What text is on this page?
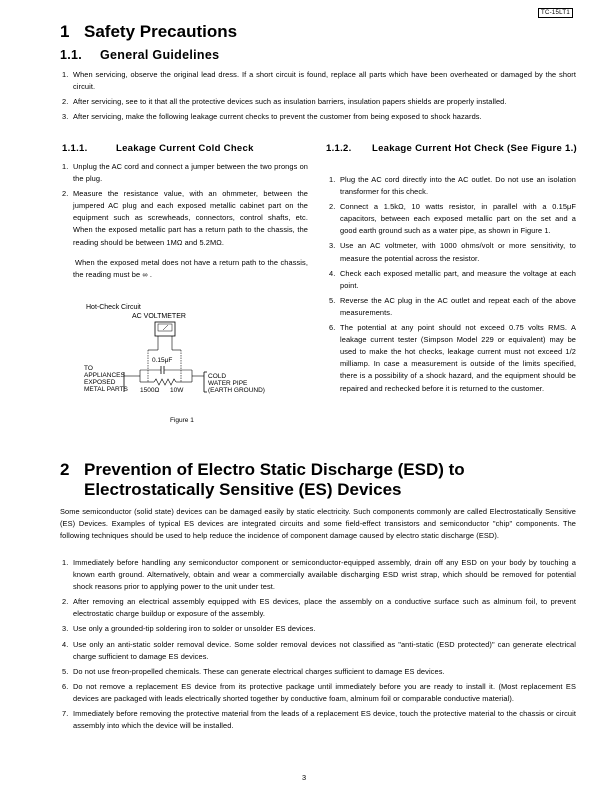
TC-15LT1
1 Safety Precautions
1.1. General Guidelines
1. When servicing, observe the original lead dress. If a short circuit is found, replace all parts which have been overheated or damaged by the short circuit.
2. After servicing, see to it that all the protective devices such as insulation barriers, insulation papers shields are properly installed.
3. After servicing, make the following leakage current checks to prevent the customer from being exposed to shock hazards.
1.1.1.	Leakage Current Cold Check
1. Unplug the AC cord and connect a jumper between the two prongs on the plug.
2. Measure the resistance value, with an ohmmeter, between the jumpered AC plug and each exposed metallic cabinet part on the equipment such as screwheads, connectors, control shafts, etc. When the exposed metallic part has a return path to the chassis, the reading should be between 1MΩ and 5.2MΩ.
When the exposed metal does not have a return path to the chassis, the reading must be ∞ .
Hot-Check Circuit
AC VOLTMETER
0.15μF
TO
APPLIANCES
EXPOSED
METAL PARTS 1500Ω 10W
COLD
WATER PIPE
(EARTH GROUND)
Figure 1
1.1.2. Leakage Current Hot Check (See Figure 1.)
1. Plug the AC cord directly into the AC outlet. Do not use an isolation transformer for this check.
2. Connect a 1.5kΩ, 10 watts resistor, in parallel with a 0.15μF capacitors, between each exposed metallic part on the set and a good earth ground such as a water pipe, as shown in Figure 1.
3. Use an AC voltmeter, with 1000 ohms/volt or more sensitivity, to measure the potential across the resistor.
4. Check each exposed metallic part, and measure the voltage at each point.
5. Reverse the AC plug in the AC outlet and repeat each of the above measurements.
6. The potential at any point should not exceed 0.75 volts RMS. A leakage current tester (Simpson Model 229 or equivalent) may be used to make the hot checks, leakage current must not exceed 1/2 milliamp. In case a measurement is outside of the limits specified, there is a possibility of a shock hazard, and the equipment should be repaired and rechecked before it is returned to the customer.
2 Prevention of Electro Static Discharge (ESD) to
Electrostatically Sensitive (ES) Devices
Some semiconductor (solid state) devices can be damaged easily by static electricity. Such components commonly are called Electrostatically Sensitive (ES) Devices. Examples of typical ES devices are integrated circuits and some field-effect transistors and semiconductor "chip" components. The following techniques should be used to help reduce the incidence of component damage caused by electro static discharge (ESD).
1. Immediately before handling any semiconductor component or semiconductor-equipped assembly, drain off any ESD on your body by touching a known earth ground. Alternatively, obtain and wear a commercially available discharging ESD wrist strap, which should be removed for potential shock reasons prior to applying power to the unit under test.
2. After removing an electrical assembly equipped with ES devices, place the assembly on a conductive surface such as alminum foil, to prevent electrostatic charge buildup or exposure of the assembly.
3. Use only a grounded-tip soldering iron to solder or unsolder ES devices.
4. Use only an anti-static solder removal device. Some solder removal devices not classified as "anti-static (ESD protected)" can generate electrical charge sufficient to damage ES devices.
5. Do not use freon-propelled chemicals. These can generate electrical charges sufficient to damage ES devices.
6. Do not remove a replacement ES device from its protective package until immediately before you are ready to install it. (Most replacement ES devices are packaged with leads electrically shorted together by conductive foam, alminum foil or comparable conductive material).
7. Immediately before removing the protective material from the leads of a replacement ES device, touch the protective material to the chassis or circuit assembly into which the device will be installed.
3
